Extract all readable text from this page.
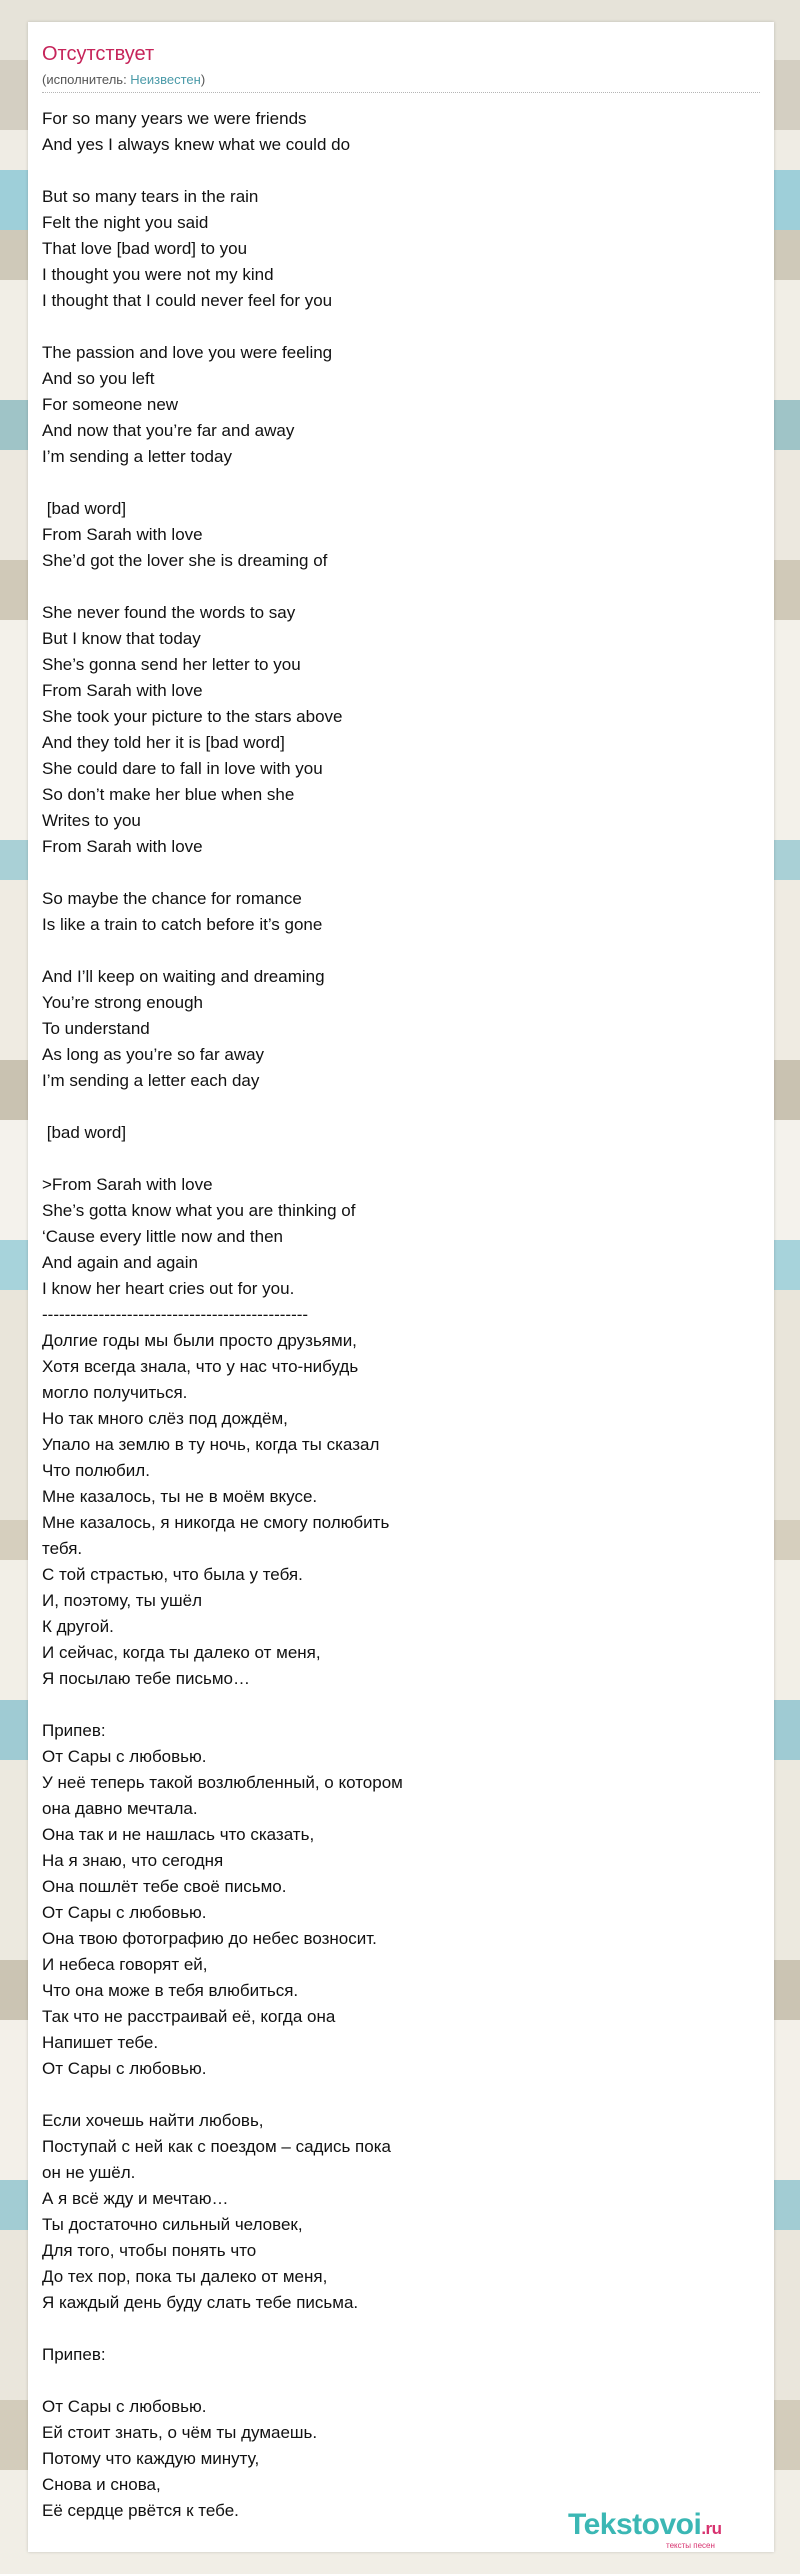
Отсутствует
(исполнитель: Неизвестен)
For so many years we were friends
And yes I always knew what we could do
But so many tears in the rain
Felt the night you said
That love [bad word] to you
I thought you were not my kind
I thought that I could never feel for you
The passion and love you were feeling
And so you left
For someone new
And now that you’re far and away
I’m sending a letter today
[bad word]
From Sarah with love
She’d got the lover she is dreaming of
She never found the words to say
But I know that today
She’s gonna send her letter to you
From Sarah with love
She took your picture to the stars above
And they told her it is [bad word]
She could dare to fall in love with you
So don’t make her blue when she
Writes to you
From Sarah with love
So maybe the chance for romance
Is like a train to catch before it’s gone
And I’ll keep on waiting and dreaming
You’re strong enough
To understand
As long as you’re so far away
I’m sending a letter each day
[bad word]
>From Sarah with love
She’s gotta know what you are thinking of
‘Cause every little now and then
And again and again
I know her heart cries out for you.
-----------------------------------------------
Долгие годы мы были просто друзьями,
Хотя всегда знала, что у нас что-нибудь
могло получиться.
Но так много слёз под дождём,
Упало на землю в ту ночь, когда ты сказал
Что полюбил.
Мне казалось, ты не в моём вкусе.
Мне казалось, я никогда не смогу полюбить
тебя.
С той страстью, что была у тебя.
И, поэтому, ты ушёл
К другой.
И сейчас, когда ты далеко от меня,
Я посылаю тебе письмо…
Припев:
От Сары с любовью.
У неё теперь такой возлюбленный, о котором
она давно мечтала.
Она так и не нашлась что сказать,
На я знаю, что сегодня
Она пошлёт тебе своё письмо.
От Сары с любовью.
Она твою фотографию до небес возносит.
И небеса говорят ей,
Что она може в тебя влюбиться.
Так что не расстраивай её, когда она
Напишет тебе.
От Сары с любовью.
Если хочешь найти любовь,
Поступай с ней как с поездом – садись пока
он не ушёл.
А я всё жду и мечтаю…
Ты достаточно сильный человек,
Для того, чтобы понять что
До тех пор, пока ты далеко от меня,
Я каждый день буду слать тебе письма.
Припев:
От Сары с любовью.
Ей стоит знать, о чём ты думаешь.
Потому что каждую минуту,
Снова и снова,
Её сердце рвётся к тебе.	Tekstovoi.ru
тексты песен
